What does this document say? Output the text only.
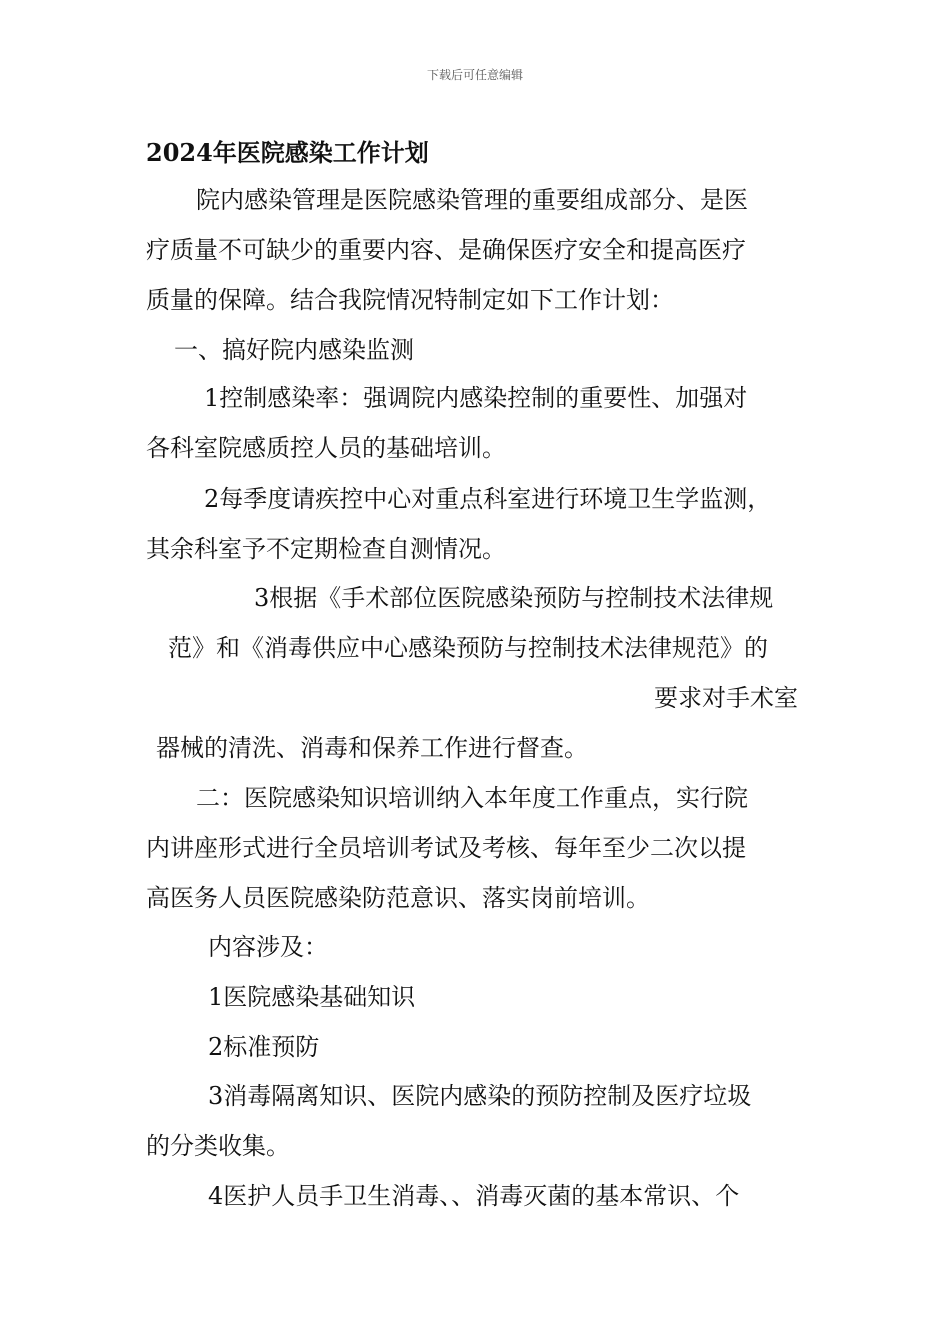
下载后可任意编辑
2024年医院感染工作计划
院内感染管理是医院感染管理的重要组成部分、是医
疗质量不可缺少的重要内容、是确保医疗安全和提高医疗
质量的保障。结合我院情况特制定如下工作计划：
一、搞好院内感染监测
1控制感染率：强调院内感染控制的重要性、加强对
各科室院感质控人员的基础培训。
2每季度请疾控中心对重点科室进行环境卫生学监测，
其余科室予不定期检查自测情况。
3根据《手术部位医院感染预防与控制技术法律规
范》和《消毒供应中心感染预防与控制技术法律规范》的
要求对手术室
器械的清洗、消毒和保养工作进行督查。
二：医院感染知识培训纳入本年度工作重点，实行院
内讲座形式进行全员培训考试及考核、每年至少二次以提
高医务人员医院感染防范意识、落实岗前培训。
内容涉及：
1医院感染基础知识
2标准预防
3消毒隔离知识、医院内感染的预防控制及医疗垃圾
的分类收集。
4医护人员手卫生消毒、、消毒灭菌的基本常识、个
